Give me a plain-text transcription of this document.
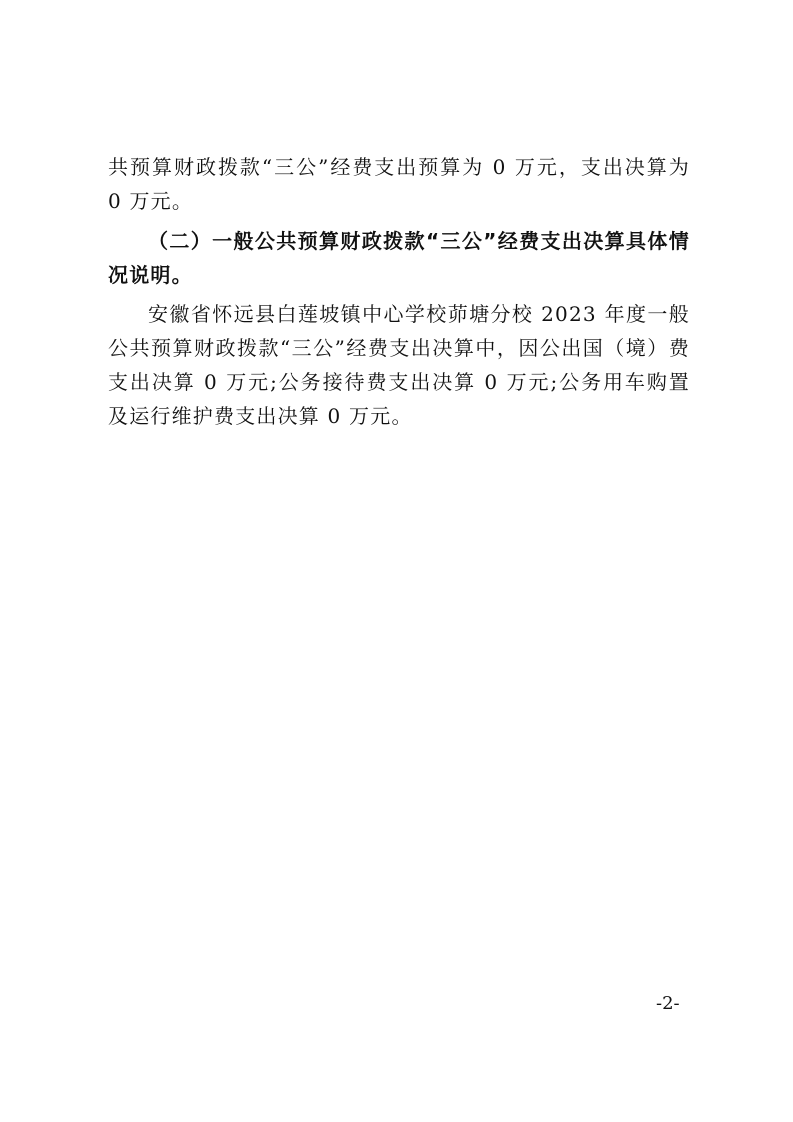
共预算财政拨款“三公”经费支出预算为 0 万元，支出决算为 0 万元。

（二）一般公共预算财政拨款“三公”经费支出决算具体情况说明。

安徽省怀远县白莲坡镇中心学校茆塘分校 2023 年度一般公共预算财政拨款“三公”经费支出决算中，因公出国（境）费支出决算 0 万元;公务接待费支出决算 0 万元;公务用车购置及运行维护费支出决算 0 万元。

-2-
